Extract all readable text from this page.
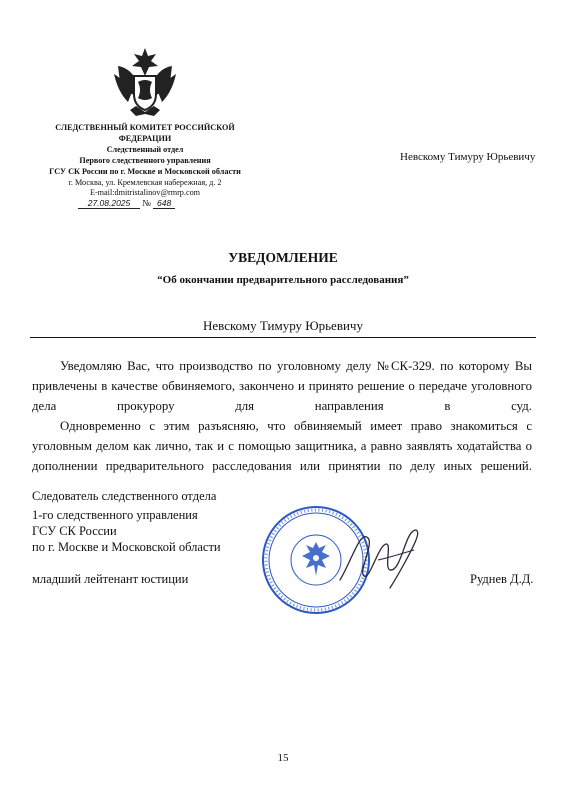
СЛЕДСТВЕННЫЙ КОМИТЕТ РОССИЙСКОЙ
ФЕДЕРАЦИИ
Следственный отдел
Первого следственного управления
ГСУ СК России по г. Москве и Московской области
г. Москва, ул. Кремлевская набережная, д. 2
E-mail:dmitristalinov@rmrp.com
27.08.2025 № 648
Невскому Тимуру Юрьевичу
УВЕДОМЛЕНИЕ
“Об окончании предварительного расследования”
Невскому Тимуру Юрьевичу
Уведомляю Вас, что производство по уголовному делу №СК-329. по которому Вы привлечены в качестве обвиняемого, закончено и принято решение о передаче уголовного дела прокурору для направления в суд.
Одновременно с этим разъясняю, что обвиняемый имеет право знакомиться с уголовным делом как лично, так и с помощью защитника, а равно заявлять ходатайства о дополнении предварительного расследования или принятии по делу иных решений.
Следователь следственного отдела
1-го следственного управления
ГСУ СК России
по г. Москве и Московской области
младший лейтенант юстиции	Руднев Д.Д.
15
